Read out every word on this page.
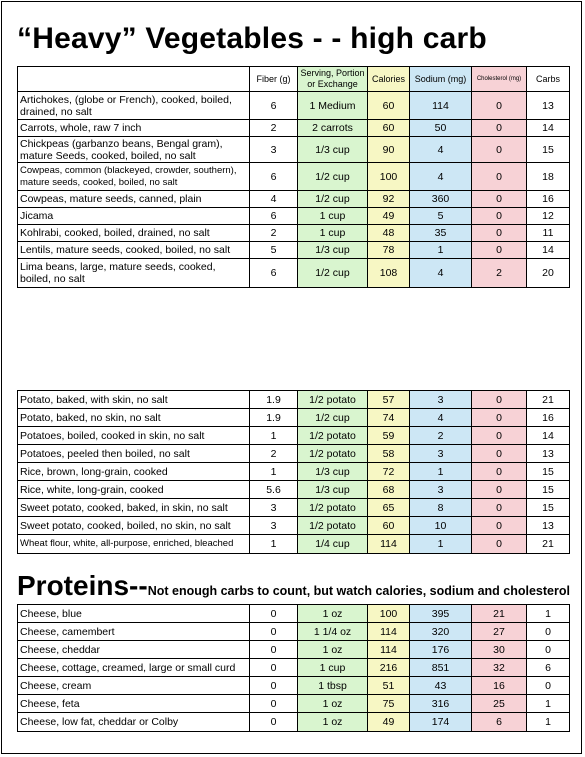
“Heavy” Vegetables - - high carb
	Fiber (g)	Serving, Portion or Exchange	Calories	Sodium (mg)	Cholesterol (mg)	Carbs
Artichokes, (globe or French), cooked, boiled, drained, no salt	6	1 Medium	60	114	0	13
Carrots, whole, raw 7 inch	2	2 carrots	60	50	0	14
Chickpeas (garbanzo beans, Bengal gram), mature Seeds, cooked, boiled, no salt	3	1/3 cup	90	4	0	15
Cowpeas, common (blackeyed, crowder, southern), mature seeds, cooked, boiled, no salt	6	1/2 cup	100	4	0	18
Cowpeas, mature seeds, canned, plain	4	1/2 cup	92	360	0	16
Jicama	6	1 cup	49	5	0	12
Kohlrabi, cooked, boiled, drained, no salt	2	1 cup	48	35	0	11
Lentils, mature seeds, cooked, boiled, no salt	5	1/3 cup	78	1	0	14
Lima beans, large, mature seeds, cooked, boiled, no salt	6	1/2 cup	108	4	2	20
Potato, baked, with skin, no salt	1.9	1/2 potato	57	3	0	21
Potato, baked, no skin, no salt	1.9	1/2 cup	74	4	0	16
Potatoes, boiled, cooked in skin, no salt	1	1/2 potato	59	2	0	14
Potatoes, peeled then boiled, no salt	2	1/2 potato	58	3	0	13
Rice, brown, long-grain, cooked	1	1/3 cup	72	1	0	15
Rice, white, long-grain, cooked	5.6	1/3 cup	68	3	0	15
Sweet potato, cooked, baked, in skin, no salt	3	1/2 potato	65	8	0	15
Sweet potato, cooked, boiled, no skin, no salt	3	1/2 potato	60	10	0	13
Wheat flour, white, all-purpose, enriched, bleached	1	1/4 cup	114	1	0	21
Proteins--Not enough carbs to count, but watch calories, sodium and cholesterol
Cheese, blue	0	1 oz	100	395	21	1
Cheese, camembert	0	1 1/4 oz	114	320	27	0
Cheese, cheddar	0	1 oz	114	176	30	0
Cheese, cottage, creamed, large or small curd	0	1 cup	216	851	32	6
Cheese, cream	0	1 tbsp	51	43	16	0
Cheese, feta	0	1 oz	75	316	25	1
Cheese, low fat, cheddar or Colby	0	1 oz	49	174	6	1
